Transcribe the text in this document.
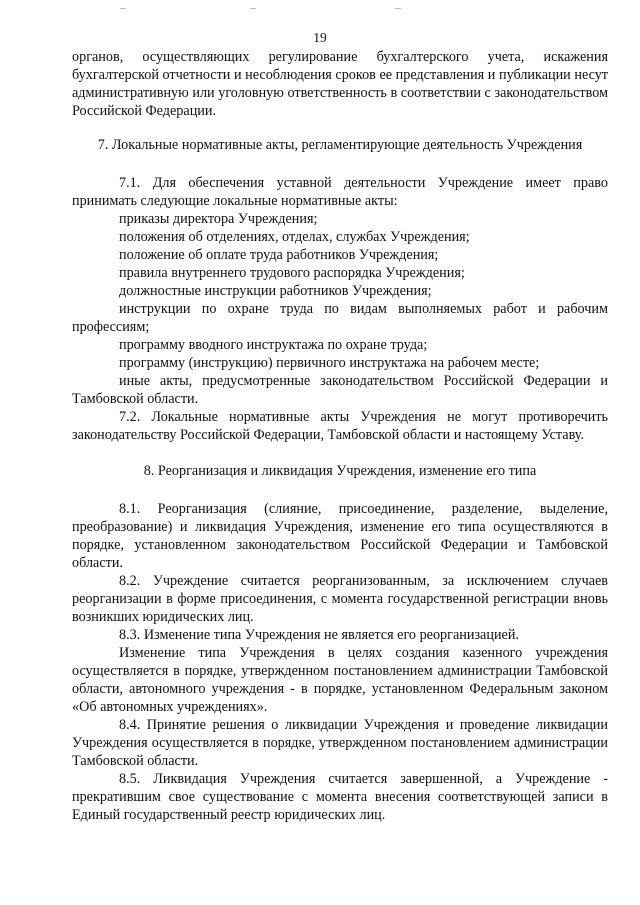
19

органов, осуществляющих регулирование бухгалтерского учета, искажения бухгалтерской отчетности и несоблюдения сроков ее представления и публикации несут административную или уголовную ответственность в соответствии с законодательством Российской Федерации.

7. Локальные нормативные акты, регламентирующие деятельность Учреждения

7.1. Для обеспечения уставной деятельности Учреждение имеет право принимать следующие локальные нормативные акты:

приказы директора Учреждения;

положения об отделениях, отделах, службах Учреждения;

положение об оплате труда работников Учреждения;

правила внутреннего трудового распорядка Учреждения;

должностные инструкции работников Учреждения;

инструкции по охране труда по видам выполняемых работ и рабочим профессиям;

программу вводного инструктажа по охране труда;

программу (инструкцию) первичного инструктажа на рабочем месте;

иные акты, предусмотренные законодательством Российской Федерации и Тамбовской области.

7.2. Локальные нормативные акты Учреждения не могут противоречить законодательству Российской Федерации, Тамбовской области и настоящему Уставу.

8. Реорганизация и ликвидация Учреждения, изменение его типа

8.1. Реорганизация (слияние, присоединение, разделение, выделение, преобразование) и ликвидация Учреждения, изменение его типа осуществляются в порядке, установленном законодательством Российской Федерации и Тамбовской области.

8.2. Учреждение считается реорганизованным, за исключением случаев реорганизации в форме присоединения, с момента государственной регистрации вновь возникших юридических лиц.

8.3. Изменение типа Учреждения не является его реорганизацией.

Изменение типа Учреждения в целях создания казенного учреждения осуществляется в порядке, утвержденном постановлением администрации Тамбовской области, автономного учреждения - в порядке, установленном Федеральным законом «Об автономных учреждениях».

8.4. Принятие решения о ликвидации Учреждения и проведение ликвидации Учреждения осуществляется в порядке, утвержденном постановлением администрации Тамбовской области.

8.5. Ликвидация Учреждения считается завершенной, а Учреждение - прекратившим свое существование с момента внесения соответствующей записи в Единый государственный реестр юридических лиц.
